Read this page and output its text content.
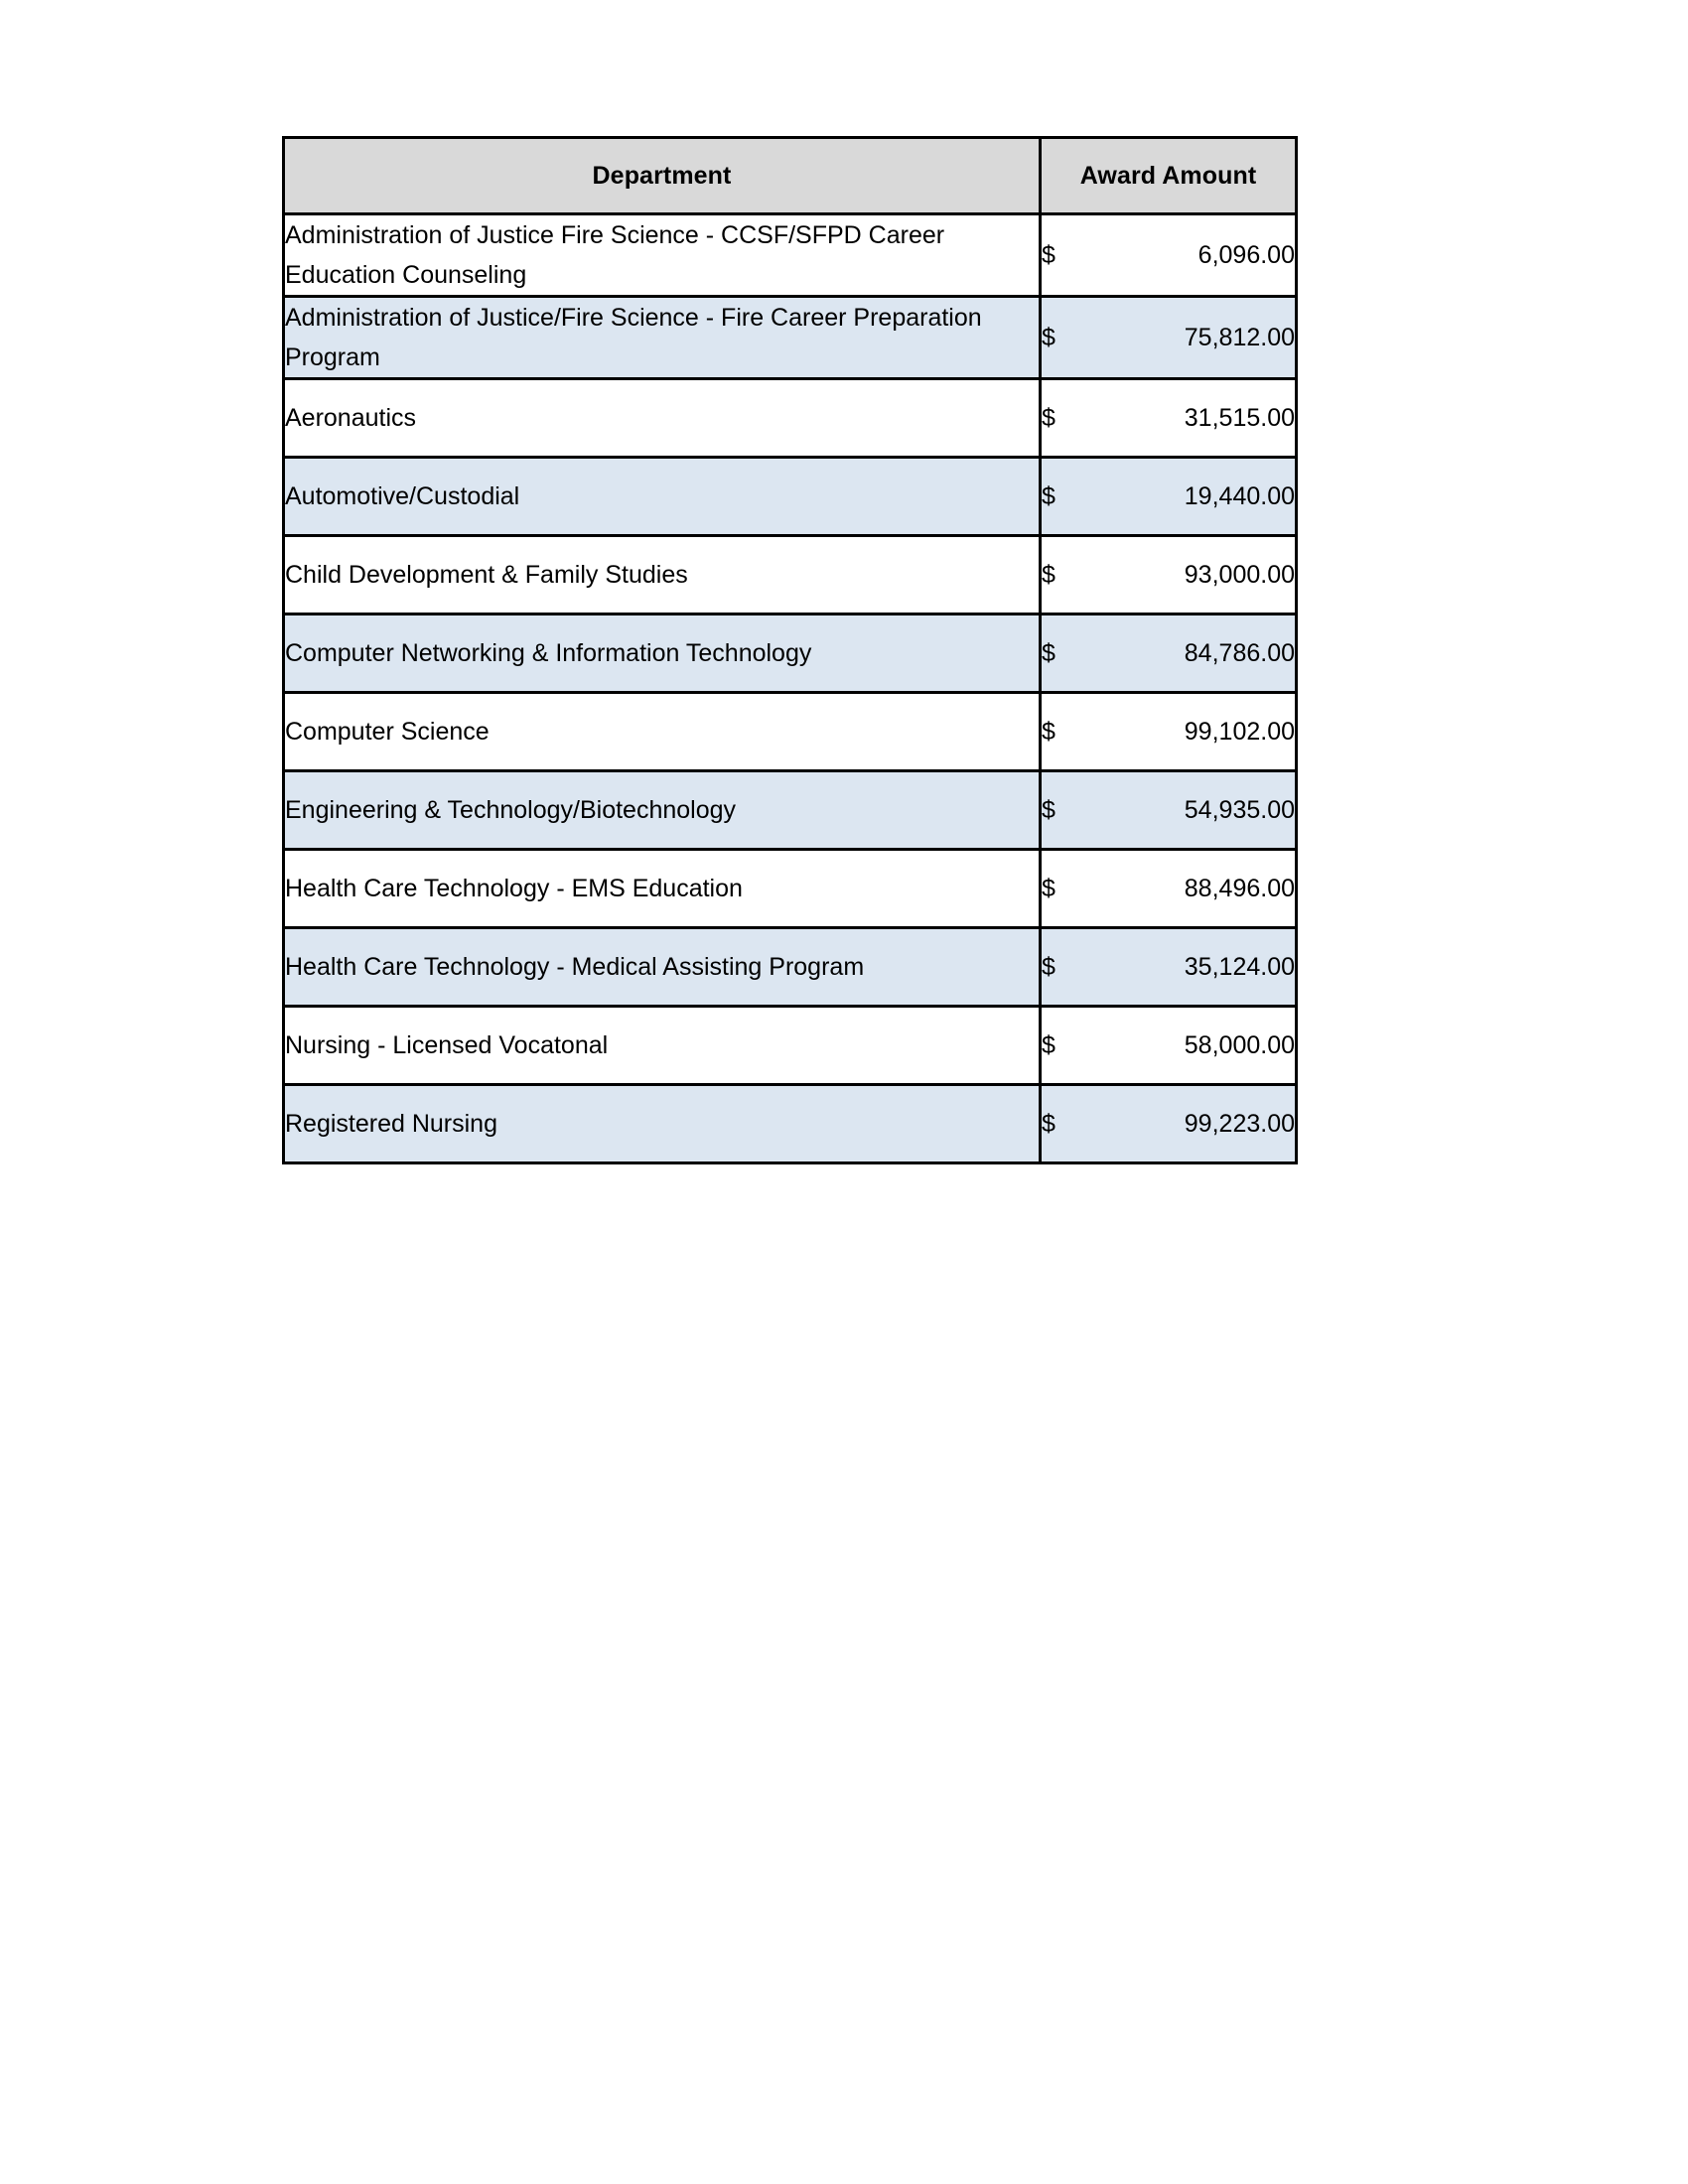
Department	Award Amount

Administration of Justice Fire Science - CCSF/SFPD Career Education Counseling	$ 6,096.00

Administration of Justice/Fire Science - Fire Career Preparation Program	$ 75,812.00

Aeronautics	$ 31,515.00

Automotive/Custodial	$ 19,440.00

Child Development & Family Studies	$ 93,000.00

Computer Networking & Information Technology	$ 84,786.00

Computer Science	$ 99,102.00

Engineering & Technology/Biotechnology	$ 54,935.00

Health Care Technology - EMS Education	$ 88,496.00

Health Care Technology - Medical Assisting Program	$ 35,124.00

Nursing - Licensed Vocatonal	$ 58,000.00

Registered Nursing	$ 99,223.00
